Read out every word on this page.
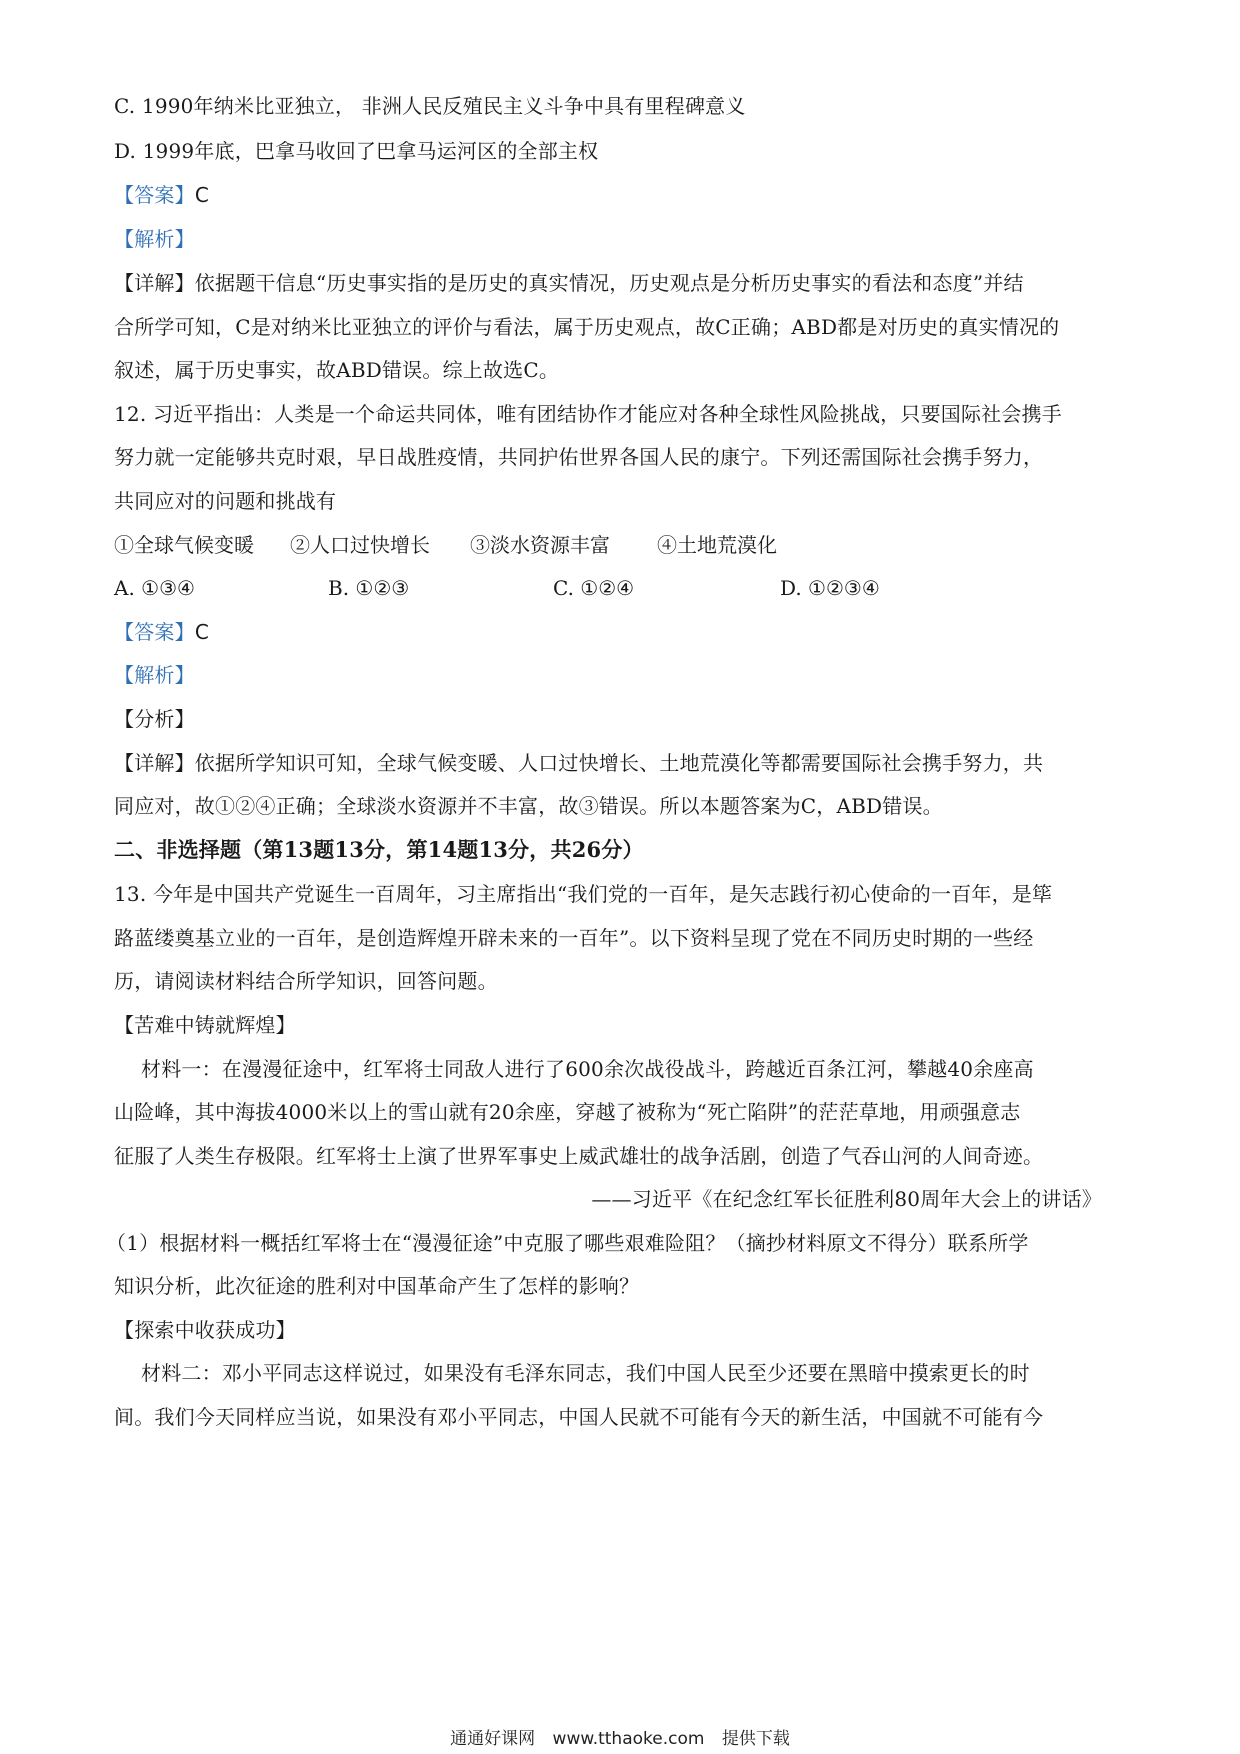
C. 1990年纳米比亚独立， 非洲人民反殖民主义斗争中具有里程碑意义
D. 1999年底，巴拿马收回了巴拿马运河区的全部主权
【答案】C
【解析】
【详解】依据题干信息“历史事实指的是历史的真实情况，历史观点是分析历史事实的看法和态度”并结
合所学可知，C是对纳米比亚独立的评价与看法，属于历史观点，故C正确；ABD都是对历史的真实情况的
叙述，属于历史事实，故ABD错误。综上故选C。
12. 习近平指出：人类是一个命运共同体，唯有团结协作才能应对各种全球性风险挑战，只要国际社会携手
努力就一定能够共克时艰，早日战胜疫情，共同护佑世界各国人民的康宁。下列还需国际社会携手努力，
共同应对的问题和挑战有
①全球气候变暖 ②人口过快增长 ③淡水资源丰富 ④土地荒漠化
A. ①③④	B. ①②③	C. ①②④	D. ①②③④
【答案】C
【解析】
【分析】
【详解】依据所学知识可知，全球气候变暖、人口过快增长、土地荒漠化等都需要国际社会携手努力，共
同应对，故①②④正确；全球淡水资源并不丰富，故③错误。所以本题答案为C，ABD错误。
二、非选择题（第13题13分，第14题13分，共26分）
13. 今年是中国共产党诞生一百周年，习主席指出“我们党的一百年，是矢志践行初心使命的一百年，是筚
路蓝缕奠基立业的一百年，是创造辉煌开辟未来的一百年”。以下资料呈现了党在不同历史时期的一些经
历，请阅读材料结合所学知识，回答问题。
【苦难中铸就辉煌】
材料一：在漫漫征途中，红军将士同敌人进行了600余次战役战斗，跨越近百条江河，攀越40余座高
山险峰，其中海拔4000米以上的雪山就有20余座，穿越了被称为“死亡陷阱”的茫茫草地，用顽强意志
征服了人类生存极限。红军将士上演了世界军事史上威武雄壮的战争活剧，创造了气吞山河的人间奇迹。
——习近平《在纪念红军长征胜利80周年大会上的讲话》
（1）根据材料一概括红军将士在“漫漫征途”中克服了哪些艰难险阻？（摘抄材料原文不得分）联系所学
知识分析，此次征途的胜利对中国革命产生了怎样的影响？
【探索中收获成功】
材料二：邓小平同志这样说过，如果没有毛泽东同志，我们中国人民至少还要在黑暗中摸索更长的时
间。我们今天同样应当说，如果没有邓小平同志，中国人民就不可能有今天的新生活，中国就不可能有今
通通好课网 www.tthaoke.com 提供下载
